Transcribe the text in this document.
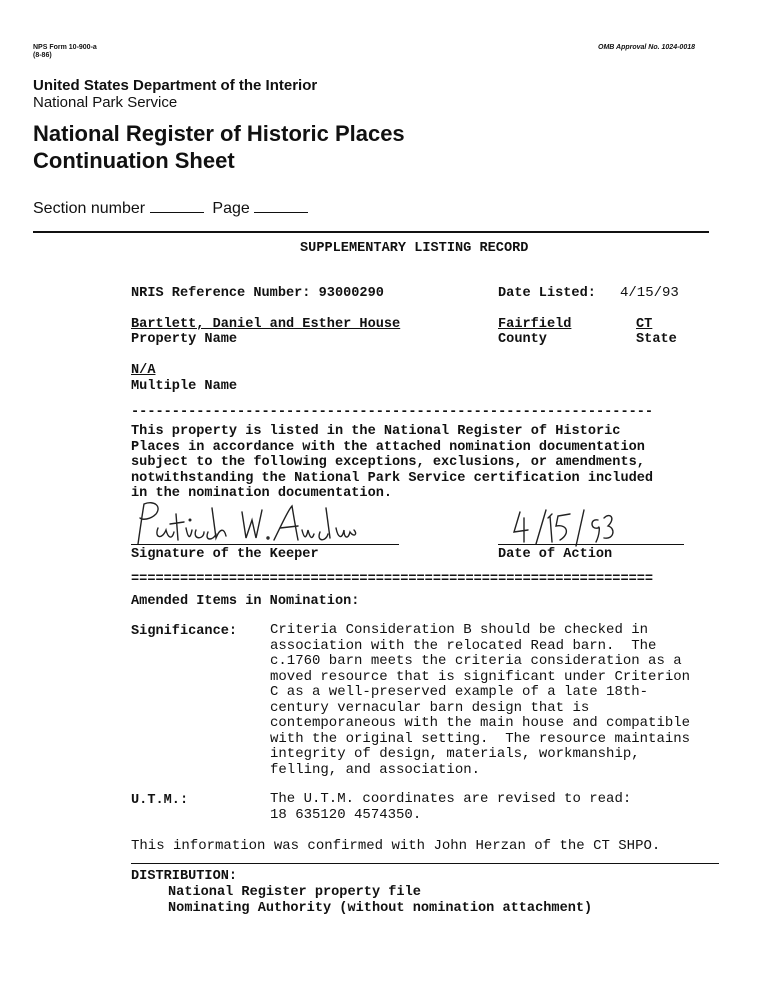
NPS Form 10-900-a
(8-86)
OMB Approval No. 1024-0018
United States Department of the Interior
National Park Service
National Register of Historic Places
Continuation Sheet
Section number	Page
SUPPLEMENTARY LISTING RECORD
NRIS Reference Number: 93000290	Date Listed: 4/15/93
Bartlett, Daniel and Esther House	Fairfield	CT
Property Name	County	State
N/A
Multiple Name
----------------------------------------------------------------
This property is listed in the National Register of Historic
Places in accordance with the attached nomination documentation
subject to the following exceptions, exclusions, or amendments,
notwithstanding the National Park Service certification included
in the nomination documentation.
Signature of the Keeper	Date of Action
================================================================
Amended Items in Nomination:
Significance: Criteria Consideration B should be checked in
association with the relocated Read barn.  The
c.1760 barn meets the criteria consideration as a
moved resource that is significant under Criterion
C as a well-preserved example of a late 18th-
century vernacular barn design that is
contemporaneous with the main house and compatible
with the original setting.  The resource maintains
integrity of design, materials, workmanship,
felling, and association.
U.T.M.:	The U.T.M. coordinates are revised to read:
18 635120 4574350.
This information was confirmed with John Herzan of the CT SHPO.
DISTRIBUTION:
National Register property file
Nominating Authority (without nomination attachment)
